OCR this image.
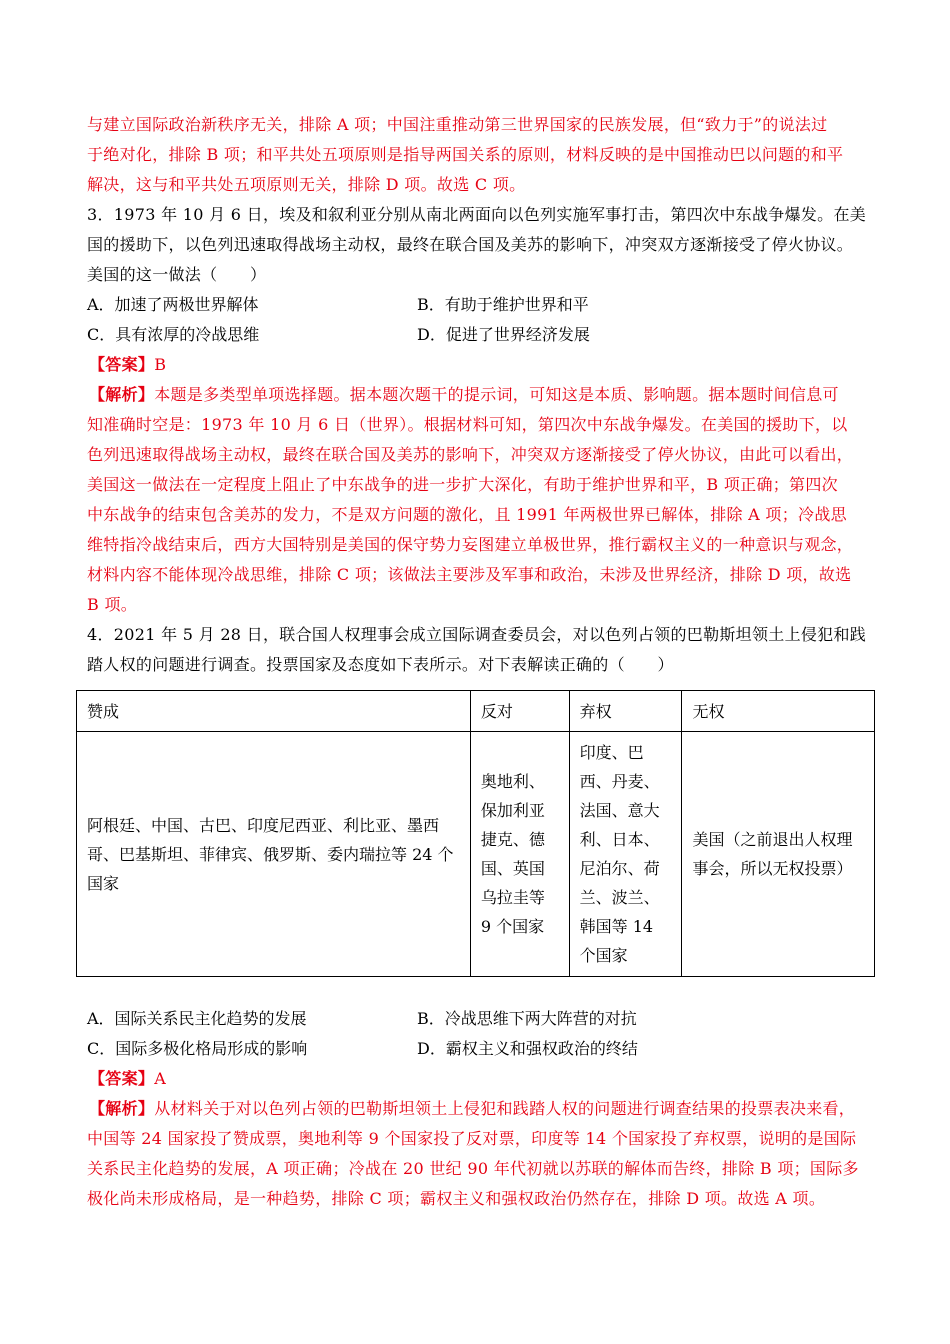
与建立国际政治新秩序无关，排除 A 项；中国注重推动第三世界国家的民族发展，但“致力于”的说法过
于绝对化，排除 B 项；和平共处五项原则是指导两国关系的原则，材料反映的是中国推动巴以问题的和平
解决，这与和平共处五项原则无关，排除 D 项。故选 C 项。
3．1973 年 10 月 6 日，埃及和叙利亚分别从南北两面向以色列实施军事打击，第四次中东战争爆发。在美
国的援助下，以色列迅速取得战场主动权，最终在联合国及美苏的影响下，冲突双方逐渐接受了停火协议。
美国的这一做法（　　）
A．加速了两极世界解体	B．有助于维护世界和平
C．具有浓厚的冷战思维	D．促进了世界经济发展
【答案】B
【解析】本题是多类型单项选择题。据本题次题干的提示词，可知这是本质、影响题。据本题时间信息可
知准确时空是：1973 年 10 月 6 日（世界）。根据材料可知，第四次中东战争爆发。在美国的援助下，以
色列迅速取得战场主动权，最终在联合国及美苏的影响下，冲突双方逐渐接受了停火协议，由此可以看出，
美国这一做法在一定程度上阻止了中东战争的进一步扩大深化，有助于维护世界和平，B 项正确；第四次
中东战争的结束包含美苏的发力，不是双方问题的激化，且 1991 年两极世界已解体，排除 A 项；冷战思
维特指冷战结束后，西方大国特别是美国的保守势力妄图建立单极世界，推行霸权主义的一种意识与观念，
材料内容不能体现冷战思维，排除 C 项；该做法主要涉及军事和政治，未涉及世界经济，排除 D 项，故选
B 项。
4．2021 年 5 月 28 日，联合国人权理事会成立国际调查委员会，对以色列占领的巴勒斯坦领土上侵犯和践
踏人权的问题进行调查。投票国家及态度如下表所示。对下表解读正确的（　　）
赞成	反对	弃权	无权
阿根廷、中国、古巴、印度尼西亚、利比亚、墨西哥、巴基斯坦、菲律宾、俄罗斯、委内瑞拉等 24 个国家	奥地利、保加利亚捷克、德国、英国乌拉圭等 9 个国家	印度、巴西、丹麦、法国、意大利、日本、尼泊尔、荷兰、波兰、韩国等 14 个国家	美国（之前退出人权理事会，所以无权投票）
A．国际关系民主化趋势的发展	B．冷战思维下两大阵营的对抗
C．国际多极化格局形成的影响	D．霸权主义和强权政治的终结
【答案】A
【解析】从材料关于对以色列占领的巴勒斯坦领土上侵犯和践踏人权的问题进行调查结果的投票表决来看，
中国等 24 国家投了赞成票，奥地利等 9 个国家投了反对票，印度等 14 个国家投了弃权票，说明的是国际
关系民主化趋势的发展，A 项正确；冷战在 20 世纪 90 年代初就以苏联的解体而告终，排除 B 项；国际多
极化尚未形成格局，是一种趋势，排除 C 项；霸权主义和强权政治仍然存在，排除 D 项。故选 A 项。
